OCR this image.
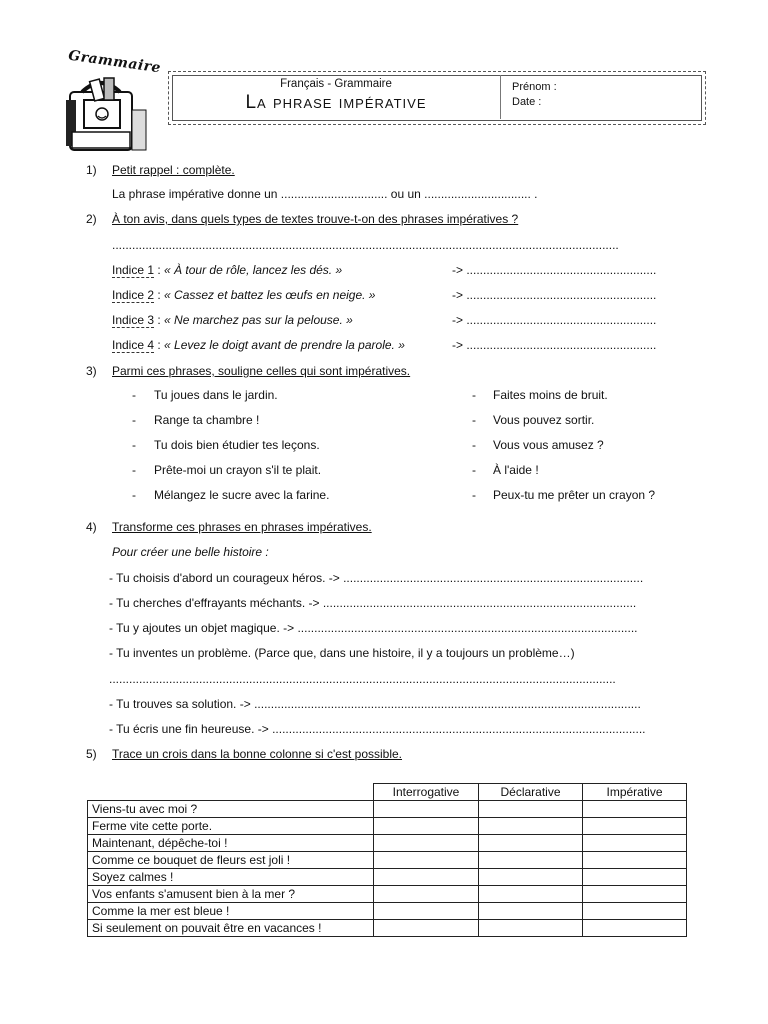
Grammaire
Français - Grammaire
La phrase impérative
Prénom :
Date :
1) Petit rappel : complète.
La phrase impérative donne un ................................ ou un ................................ .
2) À ton avis, dans quels types de textes trouve-t-on des phrases impératives ?
........................................................................................................................................................
Indice 1 : « À tour de rôle, lancez les dés. »	-> .........................................................
Indice 2 : « Cassez et battez les œufs en neige. »	-> .........................................................
Indice 3 : « Ne marchez pas sur la pelouse. »	-> .........................................................
Indice 4 : « Levez le doigt avant de prendre la parole. »	-> .........................................................
3) Parmi ces phrases, souligne celles qui sont impératives.
- Tu joues dans le jardin.
- Range ta chambre !
- Tu dois bien étudier tes leçons.
- Prête-moi un crayon s'il te plait.
- Mélangez le sucre avec la farine.
- Faites moins de bruit.
- Vous pouvez sortir.
- Vous vous amusez ?
- À l'aide !
- Peux-tu me prêter un crayon ?
4) Transforme ces phrases en phrases impératives.
Pour créer une belle histoire :
- Tu choisis d'abord un courageux héros. -> ..........................................................................................
- Tu cherches d'effrayants méchants. -> ..............................................................................................
- Tu y ajoutes un objet magique. -> ......................................................................................................
- Tu inventes un problème. (Parce que, dans une histoire, il y a toujours un problème…)
........................................................................................................................................................
- Tu trouves sa solution. -> ....................................................................................................................
- Tu écris une fin heureuse. -> ................................................................................................................
5) Trace un crois dans la bonne colonne si c'est possible.
	Interrogative	Déclarative	Impérative
Viens-tu avec moi ?			
Ferme vite cette porte.			
Maintenant, dépêche-toi !			
Comme ce bouquet de fleurs est joli !			
Soyez calmes !			
Vos enfants s'amusent bien à la mer ?			
Comme la mer est bleue !			
Si seulement on pouvait être en vacances !			
